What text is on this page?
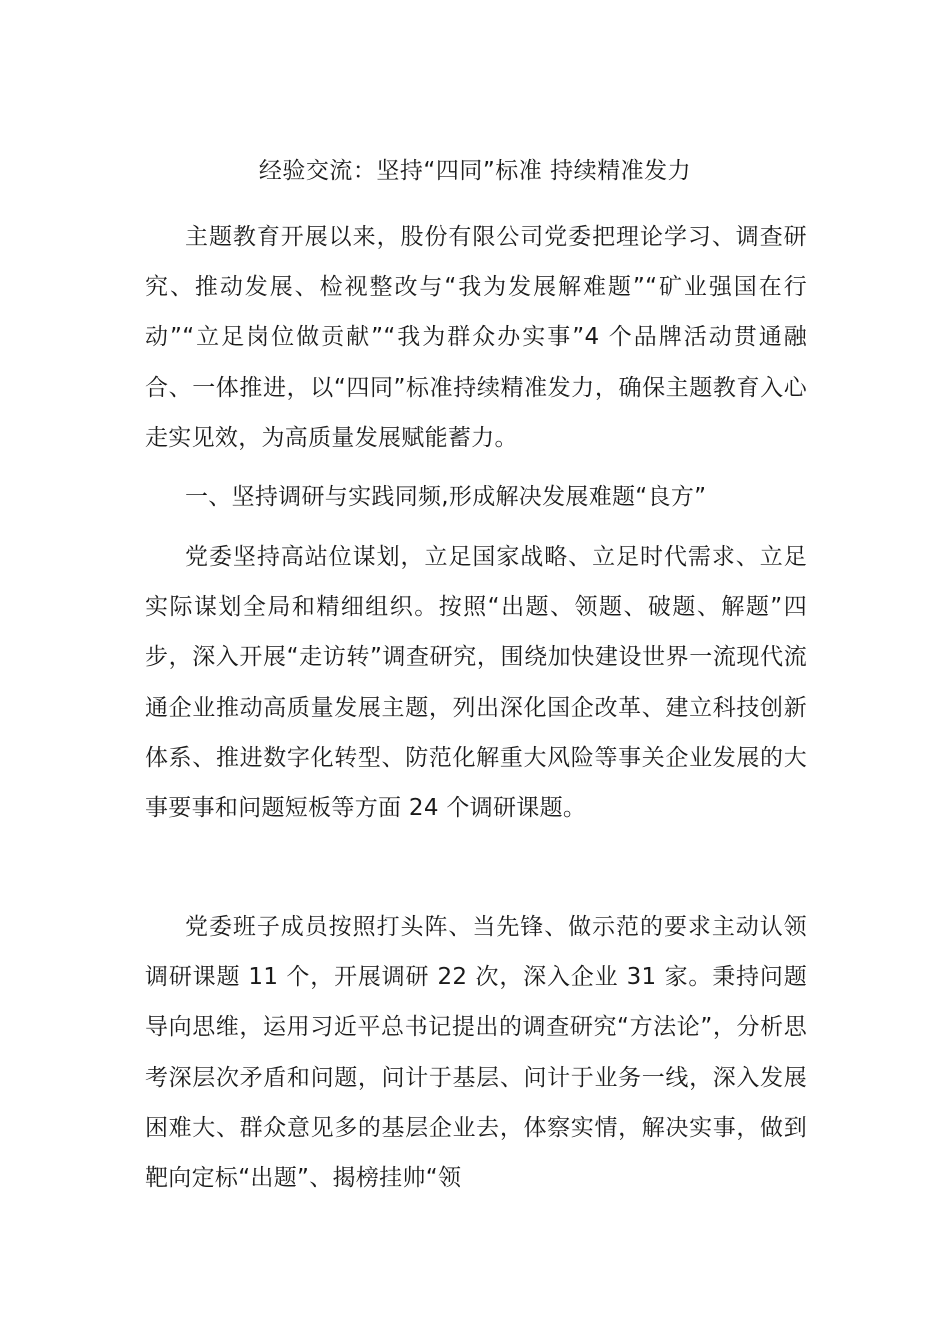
经验交流：坚持“四同”标准 持续精准发力

主题教育开展以来，股份有限公司党委把理论学习、调查研究、推动发展、检视整改与“我为发展解难题”“矿业强国在行动”“立足岗位做贡献”“我为群众办实事”4 个品牌活动贯通融合、一体推进，以“四同”标准持续精准发力，确保主题教育入心走实见效，为高质量发展赋能蓄力。

一、坚持调研与实践同频,形成解决发展难题“良方”

党委坚持高站位谋划，立足国家战略、立足时代需求、立足实际谋划全局和精细组织。按照“出题、领题、破题、解题”四步，深入开展“走访转”调查研究，围绕加快建设世界一流现代流通企业推动高质量发展主题，列出深化国企改革、建立科技创新体系、推进数字化转型、防范化解重大风险等事关企业发展的大事要事和问题短板等方面 24 个调研课题。

党委班子成员按照打头阵、当先锋、做示范的要求主动认领调研课题 11 个，开展调研 22 次，深入企业 31 家。秉持问题导向思维，运用习近平总书记提出的调查研究“方法论”，分析思考深层次矛盾和问题，问计于基层、问计于业务一线，深入发展困难大、群众意见多的基层企业去，体察实情，解决实事，做到靶向定标“出题”、揭榜挂帅“领
